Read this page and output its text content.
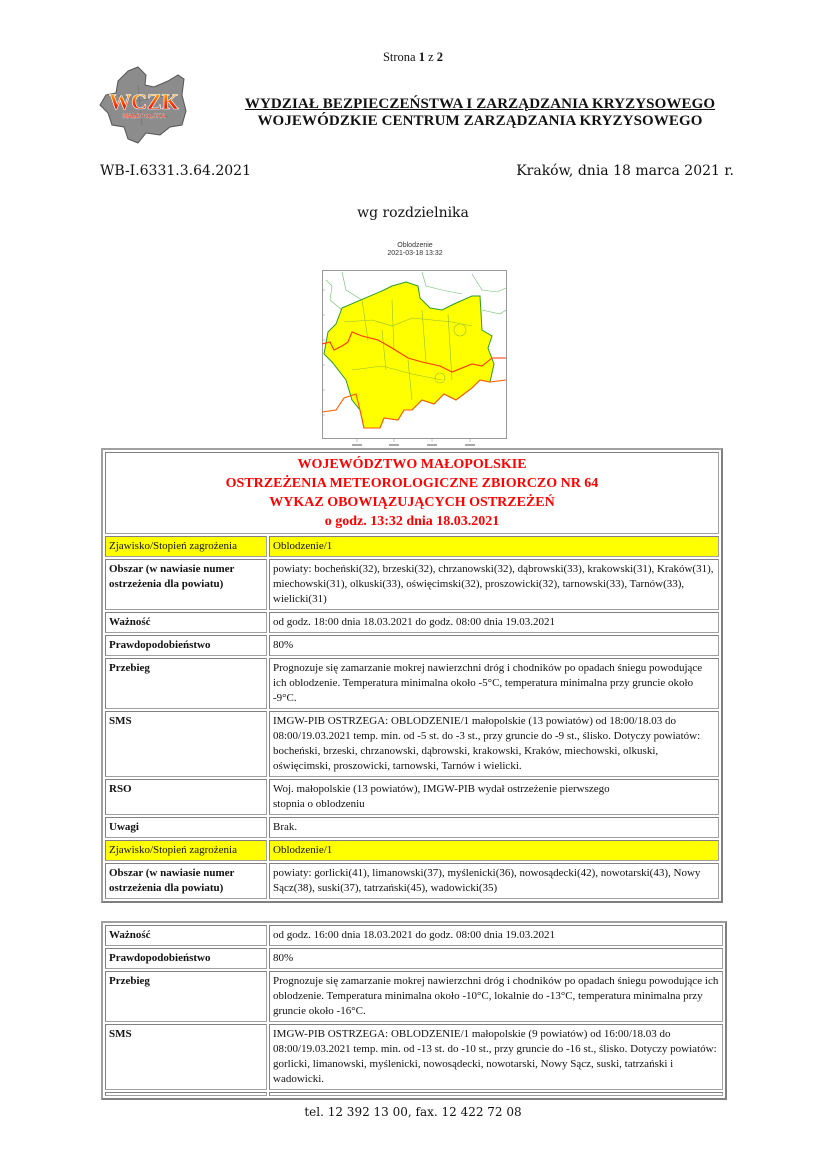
Strona 1 z 2
WCZK
MAŁOPOLSKA
WYDZIAŁ BEZPIECZEŃSTWA I ZARZĄDZANIA KRYZYSOWEGO
WOJEWÓDZKIE CENTRUM ZARZĄDZANIA KRYZYSOWEGO
WB-I.6331.3.64.2021	Kraków, dnia 18 marca 2021 r.
wg rozdzielnika
Oblodzenie
2021-03-18 13:32
WOJEWÓDZTWO MAŁOPOLSKIE
OSTRZEŻENIA METEOROLOGICZNE ZBIORCZO NR 64
WYKAZ OBOWIĄZUJĄCYCH OSTRZEŻEŃ
o godz. 13:32 dnia 18.03.2021	

Zjawisko/Stopień zagrożenia	Oblodzenie/1
Obszar (w nawiasie numer ostrzeżenia dla powiatu)	powiaty: bocheński(32), brzeski(32), chrzanowski(32), dąbrowski(33), krakowski(31), Kraków(31), miechowski(31), olkuski(33), oświęcimski(32), proszowicki(32), tarnowski(33), Tarnów(33), wielicki(31)
Ważność	od godz. 18:00 dnia 18.03.2021 do godz. 08:00 dnia 19.03.2021
Prawdopodobieństwo	80%
Przebieg	Prognozuje się zamarzanie mokrej nawierzchni dróg i chodników po opadach śniegu powodujące ich oblodzenie. Temperatura minimalna około -5°C, temperatura minimalna przy gruncie około -9°C.
SMS	IMGW-PIB OSTRZEGA: OBLODZENIE/1 małopolskie (13 powiatów) od 18:00/18.03 do 08:00/19.03.2021 temp. min. od -5 st. do -3 st., przy gruncie do -9 st., ślisko. Dotyczy powiatów: bocheński, brzeski, chrzanowski, dąbrowski, krakowski, Kraków, miechowski, olkuski, oświęcimski, proszowicki, tarnowski, Tarnów i wielicki.
RSO	Woj. małopolskie (13 powiatów), IMGW-PIB wydał ostrzeżenie pierwszego stopnia o oblodzeniu
Uwagi	Brak.
Zjawisko/Stopień zagrożenia	Oblodzenie/1
Obszar (w nawiasie numer ostrzeżenia dla powiatu)	powiaty: gorlicki(41), limanowski(37), myślenicki(36), nowosądecki(42), nowotarski(43), Nowy Sącz(38), suski(37), tatrzański(45), wadowicki(35)
Ważność	od godz. 16:00 dnia 18.03.2021 do godz. 08:00 dnia 19.03.2021
Prawdopodobieństwo	80%
Przebieg	Prognozuje się zamarzanie mokrej nawierzchni dróg i chodników po opadach śniegu powodujące ich oblodzenie. Temperatura minimalna około -10°C, lokalnie do -13°C, temperatura minimalna przy gruncie około -16°C.
SMS	IMGW-PIB OSTRZEGA: OBLODZENIE/1 małopolskie (9 powiatów) od 16:00/18.03 do 08:00/19.03.2021 temp. min. od -13 st. do -10 st., przy gruncie do -16 st., ślisko. Dotyczy powiatów: gorlicki, limanowski, myślenicki, nowosądecki, nowotarski, Nowy Sącz, suski, tatrzański i wadowicki.

tel. 12 392 13 00, fax. 12 422 72 08
